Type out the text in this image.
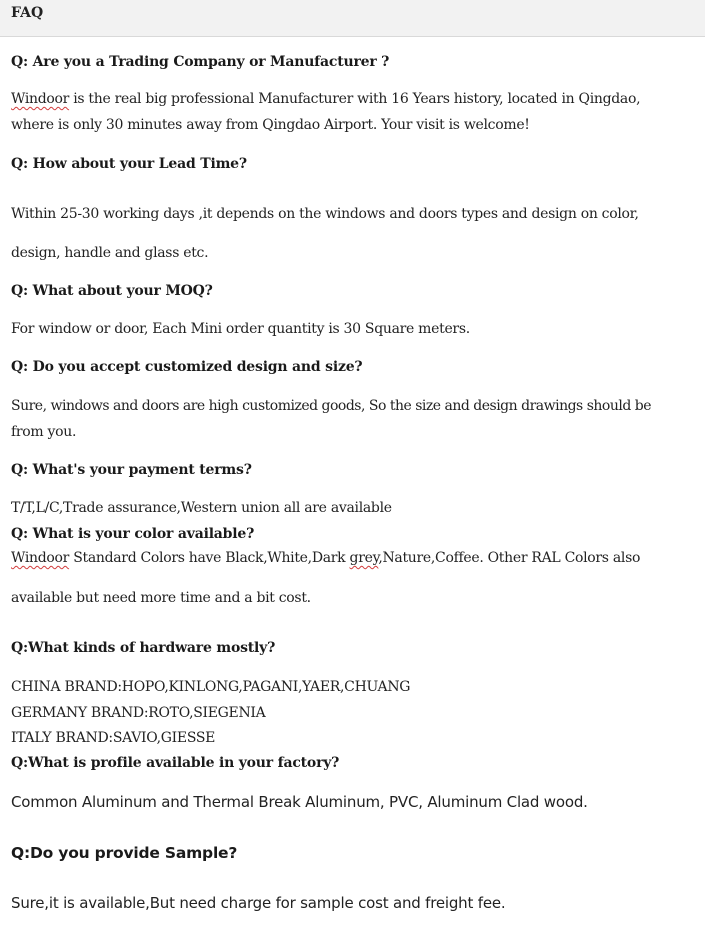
FAQ
Q: Are you a Trading Company or Manufacturer ?
Windoor is the real big professional Manufacturer with 16 Years history, located in Qingdao,
where is only 30 minutes away from Qingdao Airport. Your visit is welcome!
Q: How about your Lead Time?
Within 25-30 working days ,it depends on the windows and doors types and design on color,
design, handle and glass etc.
Q: What about your MOQ?
For window or door, Each Mini order quantity is 30 Square meters.
Q: Do you accept customized design and size?
Sure, windows and doors are high customized goods, So the size and design drawings should be
from you.
Q: What's your payment terms?
T/T,L/C,Trade assurance,Western union all are available
Q: What is your color available?
Windoor Standard Colors have Black,White,Dark grey,Nature,Coffee. Other RAL Colors also
available but need more time and a bit cost.
Q:What kinds of hardware mostly?
CHINA BRAND:HOPO,KINLONG,PAGANI,YAER,CHUANG
GERMANY BRAND:ROTO,SIEGENIA
ITALY BRAND:SAVIO,GIESSE
Q:What is profile available in your factory?
Common Aluminum and Thermal Break Aluminum, PVC, Aluminum Clad wood.
Q:Do you provide Sample?
Sure,it is available,But need charge for sample cost and freight fee.
